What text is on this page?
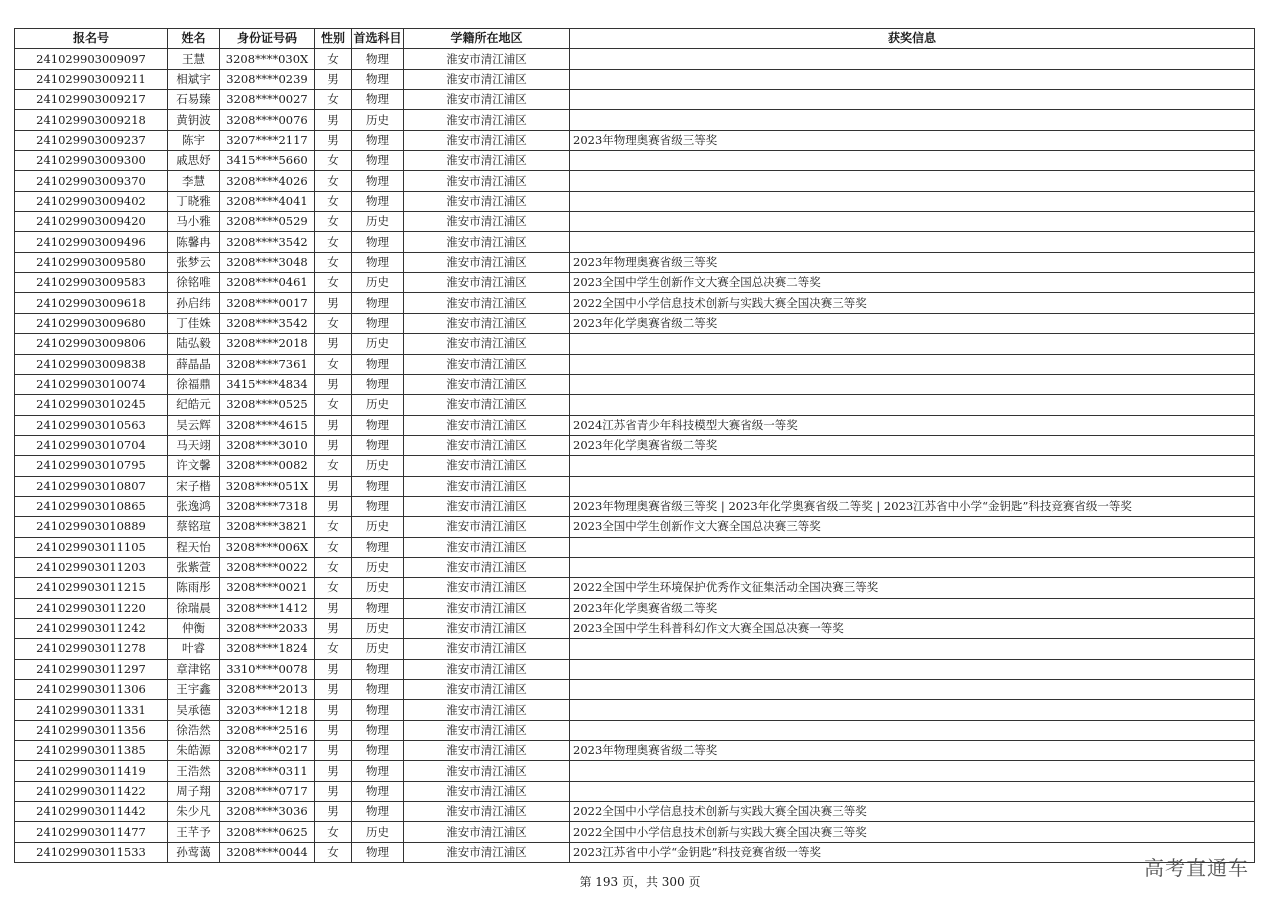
报名号	姓名	身份证号码	性别	首选科目	学籍所在地区	获奖信息
241029903009097	王慧	3208****030X	女	物理	淮安市清江浦区	
241029903009211	相斌宇	3208****0239	男	物理	淮安市清江浦区	
241029903009217	石易臻	3208****0027	女	物理	淮安市清江浦区	
241029903009218	黄钥波	3208****0076	男	历史	淮安市清江浦区	
241029903009237	陈宇	3207****2117	男	物理	淮安市清江浦区	2023年物理奥赛省级三等奖
241029903009300	戚思妤	3415****5660	女	物理	淮安市清江浦区	
241029903009370	李慧	3208****4026	女	物理	淮安市清江浦区	
241029903009402	丁晓雅	3208****4041	女	物理	淮安市清江浦区	
241029903009420	马小雅	3208****0529	女	历史	淮安市清江浦区	
241029903009496	陈馨冉	3208****3542	女	物理	淮安市清江浦区	
241029903009580	张梦云	3208****3048	女	物理	淮安市清江浦区	2023年物理奥赛省级三等奖
241029903009583	徐铭唯	3208****0461	女	历史	淮安市清江浦区	2023全国中学生创新作文大赛全国总决赛二等奖
241029903009618	孙启纬	3208****0017	男	物理	淮安市清江浦区	2022全国中小学信息技术创新与实践大赛全国决赛三等奖
241029903009680	丁佳姝	3208****3542	女	物理	淮安市清江浦区	2023年化学奥赛省级二等奖
241029903009806	陆弘毅	3208****2018	男	历史	淮安市清江浦区	
241029903009838	薛晶晶	3208****7361	女	物理	淮安市清江浦区	
241029903010074	徐福鼎	3415****4834	男	物理	淮安市清江浦区	
241029903010245	纪皓元	3208****0525	女	历史	淮安市清江浦区	
241029903010563	吴云辉	3208****4615	男	物理	淮安市清江浦区	2024江苏省青少年科技模型大赛省级一等奖
241029903010704	马天翊	3208****3010	男	物理	淮安市清江浦区	2023年化学奥赛省级二等奖
241029903010795	许文馨	3208****0082	女	历史	淮安市清江浦区	
241029903010807	宋子楷	3208****051X	男	物理	淮安市清江浦区	
241029903010865	张逸鸿	3208****7318	男	物理	淮安市清江浦区	2023年物理奥赛省级三等奖 | 2023年化学奥赛省级二等奖 | 2023江苏省中小学“金钥匙”科技竞赛省级一等奖
241029903010889	蔡铭瑄	3208****3821	女	历史	淮安市清江浦区	2023全国中学生创新作文大赛全国总决赛三等奖
241029903011105	程天怡	3208****006X	女	物理	淮安市清江浦区	
241029903011203	张紫萱	3208****0022	女	历史	淮安市清江浦区	
241029903011215	陈雨彤	3208****0021	女	历史	淮安市清江浦区	2022全国中学生环境保护优秀作文征集活动全国决赛三等奖
241029903011220	徐瑞晨	3208****1412	男	物理	淮安市清江浦区	2023年化学奥赛省级二等奖
241029903011242	仲衡	3208****2033	男	历史	淮安市清江浦区	2023全国中学生科普科幻作文大赛全国总决赛一等奖
241029903011278	叶睿	3208****1824	女	历史	淮安市清江浦区	
241029903011297	章津铭	3310****0078	男	物理	淮安市清江浦区	
241029903011306	王宇鑫	3208****2013	男	物理	淮安市清江浦区	
241029903011331	吴承德	3203****1218	男	物理	淮安市清江浦区	
241029903011356	徐浩然	3208****2516	男	物理	淮安市清江浦区	
241029903011385	朱皓源	3208****0217	男	物理	淮安市清江浦区	2023年物理奥赛省级二等奖
241029903011419	王浩然	3208****0311	男	物理	淮安市清江浦区	
241029903011422	周子翔	3208****0717	男	物理	淮安市清江浦区	
241029903011442	朱少凡	3208****3036	男	物理	淮安市清江浦区	2022全国中小学信息技术创新与实践大赛全国决赛三等奖
241029903011477	王芊予	3208****0625	女	历史	淮安市清江浦区	2022全国中小学信息技术创新与实践大赛全国决赛三等奖
241029903011533	孙莺蔼	3208****0044	女	物理	淮安市清江浦区	2023江苏省中小学“金钥匙”科技竞赛省级一等奖
第 193 页，共 300 页
高考直通车
